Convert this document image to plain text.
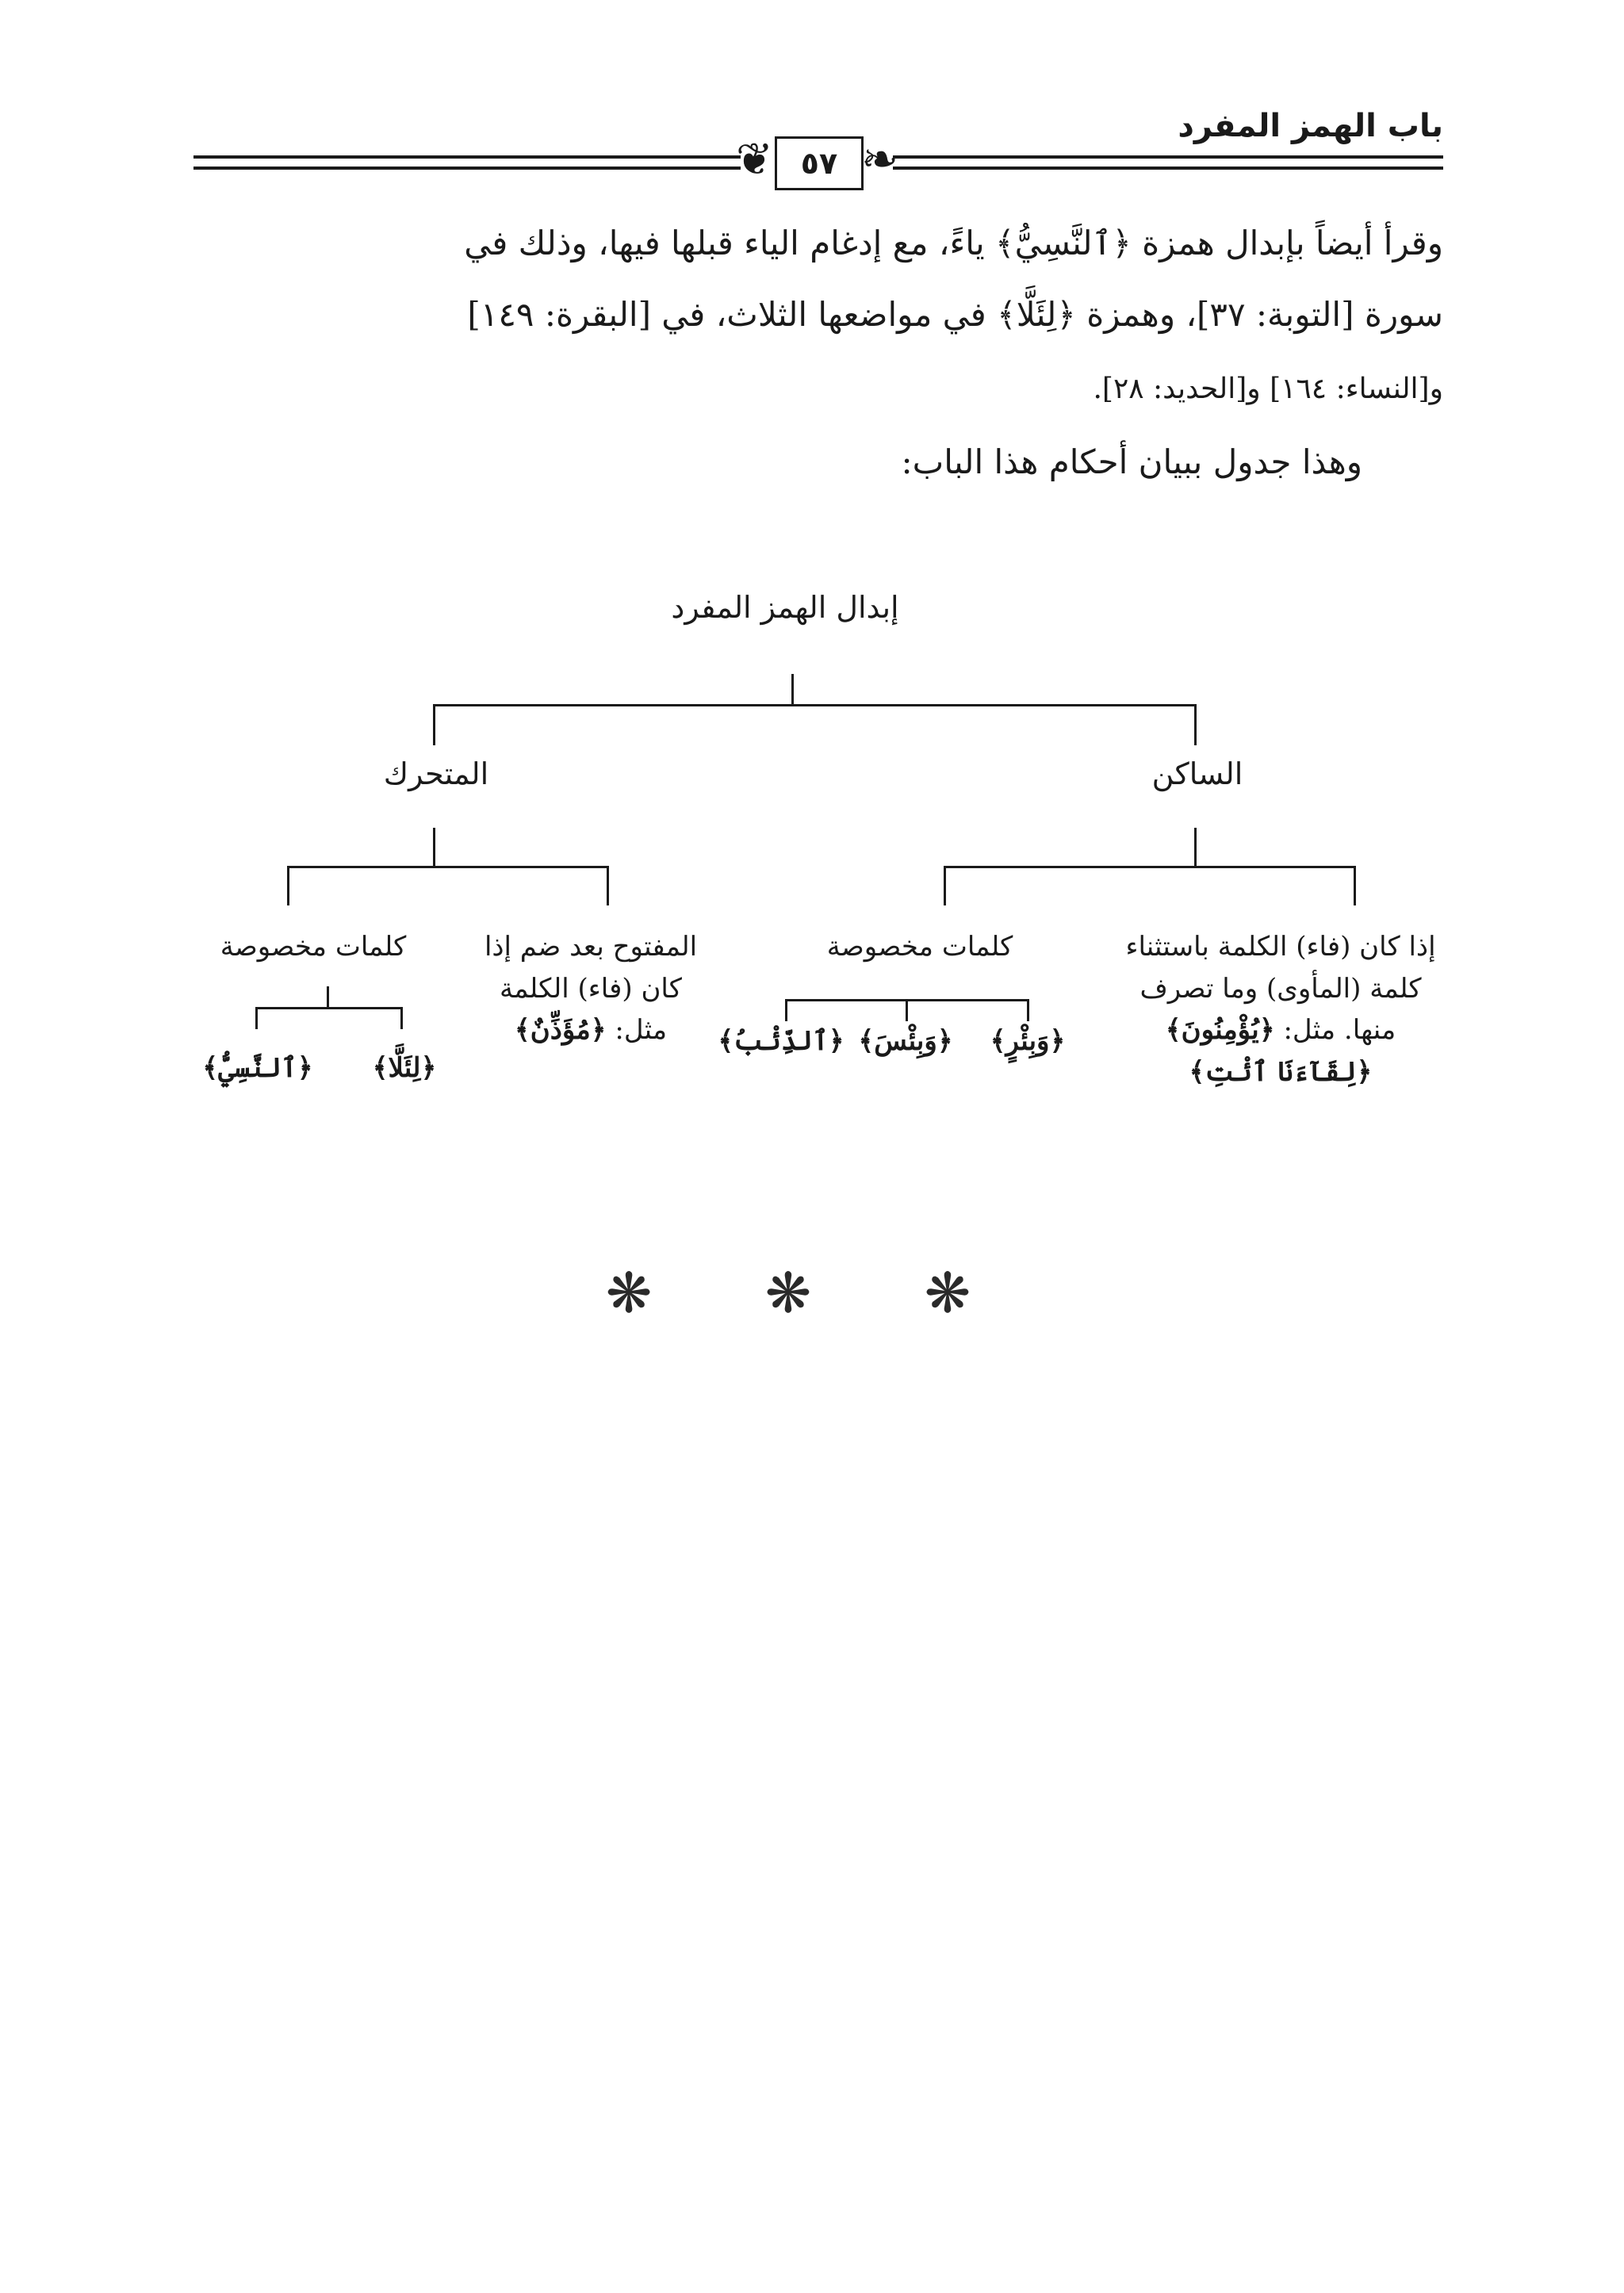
باب الهمز المفرد
❦ ٥٧ ❧
وقرأ أيضاً بإبدال همزة ﴿ٱلنَّسِيُّ﴾ ياءً، مع إدغام الياء قبلها فيها، وذلك في
سورة [التوبة: ٣٧]، وهمزة ﴿لِئَلَّا﴾ في مواضعها الثلاث، في [البقرة: ١٤٩]
و[النساء: ١٦٤] و[الحديد: ٢٨].
وهذا جدول ببيان أحكام هذا الباب:
إبدال الهمز المفرد
المتحرك	الساكن
إذا كان (فاء) الكلمة باستثناء
كلمة (المأوى) وما تصرف
منها. مثل: ﴿يُؤْمِنُونَ﴾
﴿لِقَآءَنَا ٱئْتِ﴾
كلمات مخصوصة
﴿وَبِئْرٍ﴾
﴿وَبِئْسَ﴾
﴿ٱلذِّئْبُ﴾
المفتوح بعد ضم إذا
كان (فاء) الكلمة
مثل: ﴿مُؤَذِّنٌ﴾
كلمات مخصوصة
﴿لِئَلَّا﴾
﴿ٱلنَّسِيُّ﴾
❋ ❋ ❋
